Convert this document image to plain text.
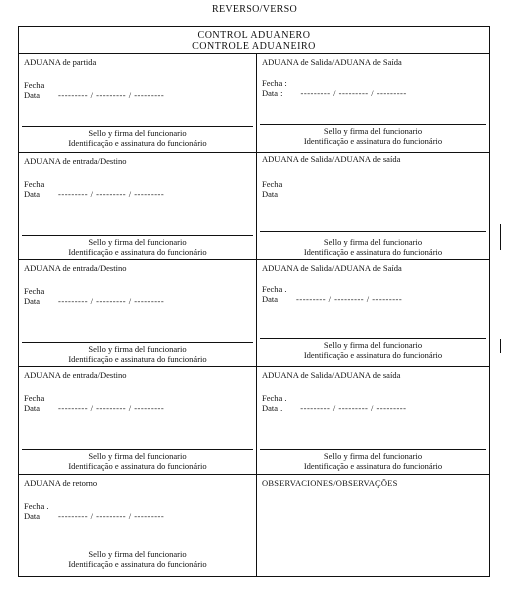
REVERSO/VERSO
CONTROL ADUANERO
CONTROLE ADUANEIRO
ADUANA de partida
Fecha
Data --------- / --------- / ---------
Sello y firma del funcionario
Identificação e assinatura do funcionário
ADUANA de Salida/ADUANA de Saída
Fecha :
Data : --------- / --------- / ---------
Sello y firma del funcionario
Identificação e assinatura do funcionário
ADUANA de entrada/Destino
Fecha
Data --------- / --------- / ---------
Sello y firma del funcionario
Identificação e assinatura do funcionário
ADUANA de Salida/ADUANA de saída
Fecha
Data
Sello y firma del funcionario
Identificação e assinatura do funcionário
ADUANA de entrada/Destino
Fecha
Data --------- / --------- / ---------
Sello y firma del funcionario
Identificação e assinatura do funcionário
ADUANA de Salida/ADUANA de Saída
Fecha .
Data --------- / --------- / ---------
Sello y firma del funcionario
Identificação e assinatura do funcionário
ADUANA de entrada/Destino
Fecha
Data --------- / --------- / ---------
Sello y firma del funcionario
Identificação e assinatura do funcionário
ADUANA de Salida/ADUANA de saída
Fecha .
Data . --------- / --------- / ---------
Sello y firma del funcionario
Identificação e assinatura do funcionário
ADUANA de retorno
Fecha .
Data --------- / --------- / ---------
Sello y firma del funcionario
Identificação e assinatura do funcionário
OBSERVACIONES/OBSERVAÇÕES
